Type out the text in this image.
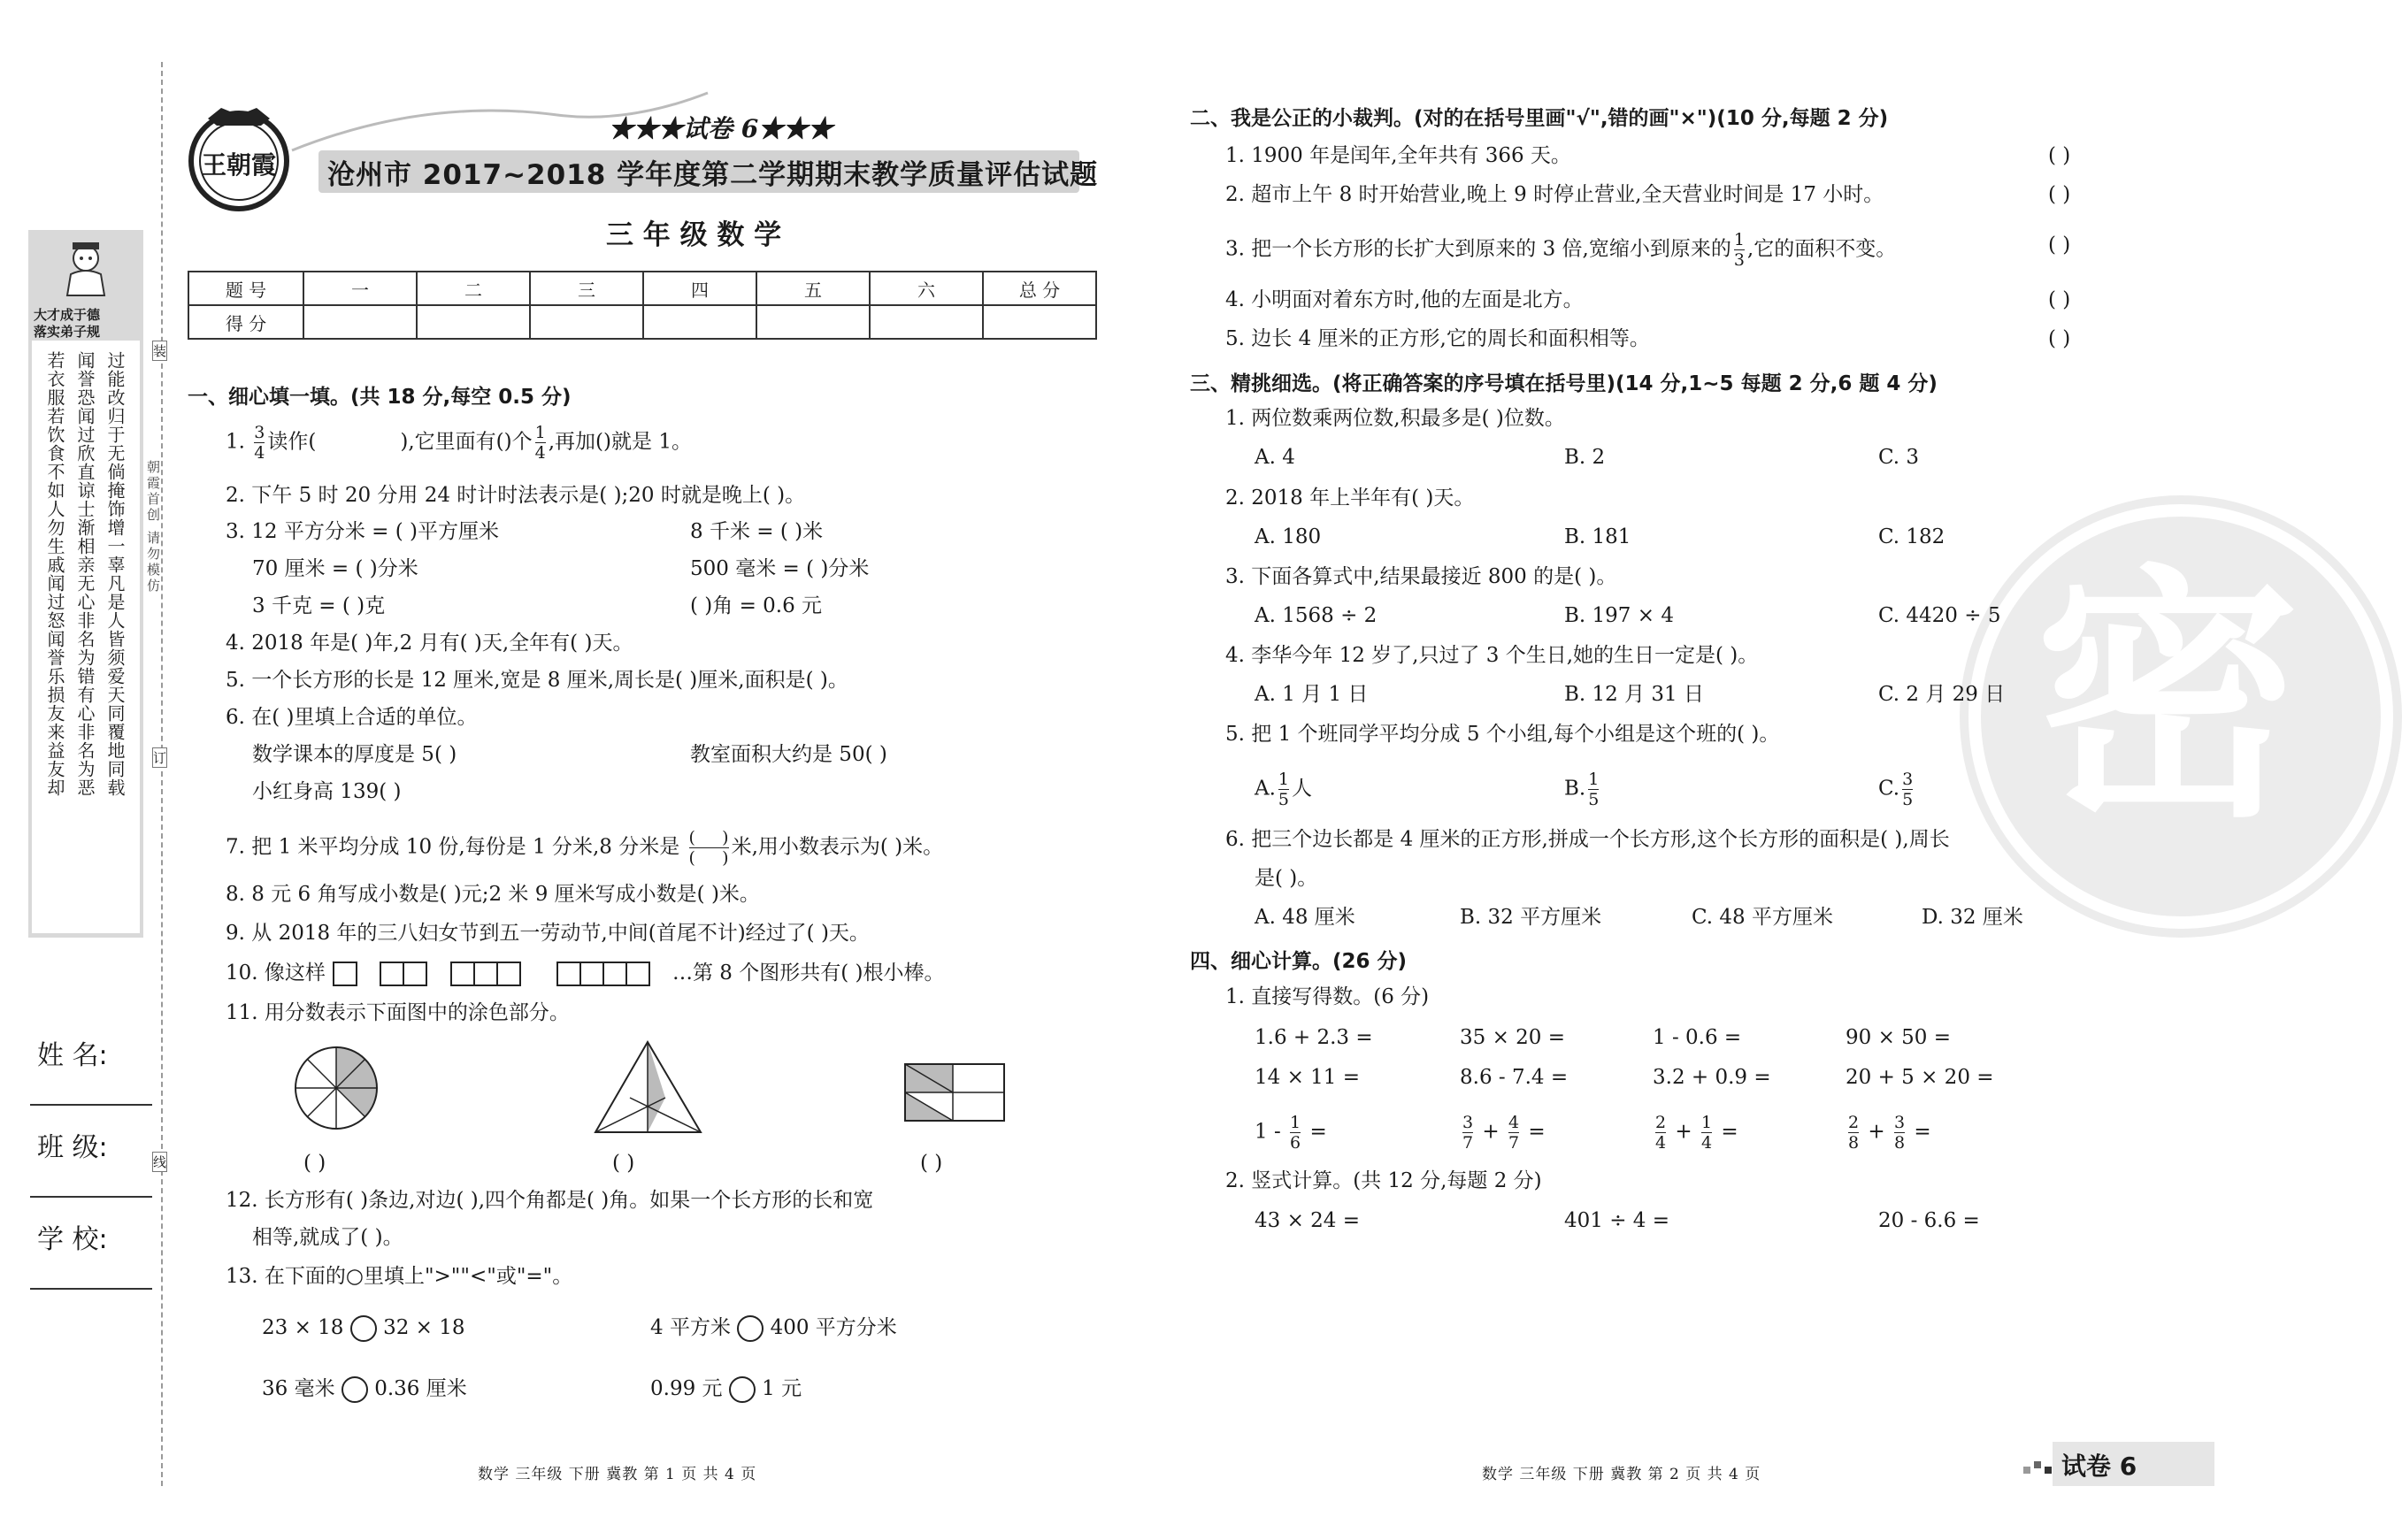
大才成于德
落实弟子规
过能改归于无倘掩饰增一辜凡是人皆须爱天同覆地同载
闻誉恐闻过欣直谅士渐相亲无心非名为错有心非名为恶
若衣服若饮食不如人勿生戚闻过怒闻誉乐损友来益友却	朝霞首创 请勿模仿
装
订
线
姓 名:
班 级:
学 校:
王朝霞
★★★试卷 6★★★
沧州市 2017~2018 学年度第二学期期末教学质量评估试题
三 年 级 数 学
题 号	一	二	三	四	五	六	总 分
得 分							
一、细心填一填。(共 18 分,每空 0.5 分)
1. $\frac{3}{4}$ 读作(	),它里面有()个 $\frac{1}{4}$ ,再加()就是 1。
2. 下午 5 时 20 分用 24 时计时法表示是( );20 时就是晚上( )。
3. 12 平方分米 = ( )平方厘米	8 千米 = ( )米
70 厘米 = ( )分米	500 毫米 = ( )分米
3 千克 = ( )克	( )角 = 0.6 元
4. 2018 年是( )年,2 月有( )天,全年有( )天。
5. 一个长方形的长是 12 厘米,宽是 8 厘米,周长是( )厘米,面积是( )。
6. 在( )里填上合适的单位。
数学课本的厚度是 5( )	教室面积大约是 50( )
小红身高 139( )
7. 把 1 米平均分成 10 份,每份是 1 分米,8 分米是 $\frac{( )}{( )}$ 米,用小数表示为( )米。
8. 8 元 6 角写成小数是( )元;2 米 9 厘米写成小数是( )米。
9. 从 2018 年的三八妇女节到五一劳动节,中间(首尾不计)经过了( )天。
10. 像这样	…第 8 个图形共有( )根小棒。
11. 用分数表示下面图中的涂色部分。
( )	( )	( )
12. 长方形有( )条边,对边( ),四个角都是( )角。如果一个长方形的长和宽
相等,就成了( )。
13. 在下面的○里填上">""<"或"="。
23 × 18 32 × 18	4 平方米 400 平方分米
36 毫米 0.36 厘米	0.99 元 1 元
数学 三年级 下册 冀教 第 1 页 共 4 页
密
二、我是公正的小裁判。(对的在括号里画"√",错的画"×")(10 分,每题 2 分)
1. 1900 年是闰年,全年共有 366 天。	( )
2. 超市上午 8 时开始营业,晚上 9 时停止营业,全天营业时间是 17 小时。	( )
3. 把一个长方形的长扩大到原来的 3 倍,宽缩小到原来的 $\frac{1}{3}$ ,它的面积不变。	( )
4. 小明面对着东方时,他的左面是北方。	( )
5. 边长 4 厘米的正方形,它的周长和面积相等。	( )
三、精挑细选。(将正确答案的序号填在括号里)(14 分,1~5 每题 2 分,6 题 4 分)
1. 两位数乘两位数,积最多是( )位数。
A. 4	B. 2	C. 3
2. 2018 年上半年有( )天。
A. 180	B. 181	C. 182
3. 下面各算式中,结果最接近 800 的是( )。
A. 1568 ÷ 2	B. 197 × 4	C. 4420 ÷ 5
4. 李华今年 12 岁了,只过了 3 个生日,她的生日一定是( )。
A. 1 月 1 日	B. 12 月 31 日	C. 2 月 29 日
5. 把 1 个班同学平均分成 5 个小组,每个小组是这个班的( )。
A. $\frac{1}{5}$ 人	B. $\frac{1}{5}$	C. $\frac{3}{5}$
6. 把三个边长都是 4 厘米的正方形,拼成一个长方形,这个长方形的面积是( ),周长
是( )。
A. 48 厘米	B. 32 平方厘米	C. 48 平方厘米	D. 32 厘米
四、细心计算。(26 分)
1. 直接写得数。(6 分)
1.6 + 2.3 =	35 × 20 =	1 - 0.6 =	90 × 50 =
14 × 11 =	8.6 - 7.4 =	3.2 + 0.9 =	20 + 5 × 20 =
$1 - \frac{1}{6}$ =	$\frac{3}{7} + \frac{4}{7}$ =	$\frac{2}{4} + \frac{1}{4}$ =	$\frac{2}{8} + \frac{3}{8}$ =
2. 竖式计算。(共 12 分,每题 2 分)
43 × 24 =	401 ÷ 4 =	20 - 6.6 =
数学 三年级 下册 冀教 第 2 页 共 4 页	试卷 6
